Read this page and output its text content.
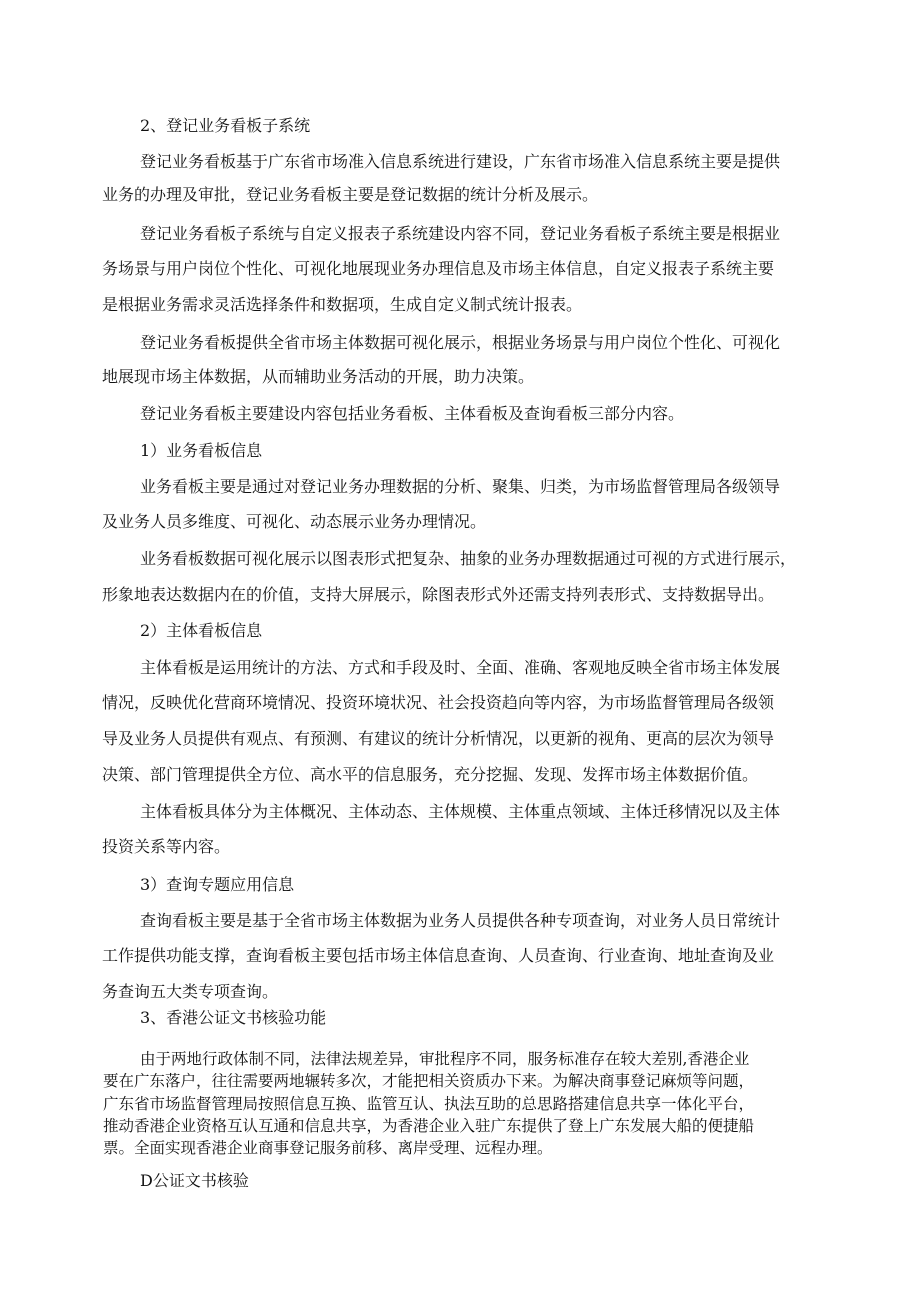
2、登记业务看板子系统
登记业务看板基于广东省市场准入信息系统进行建设，广东省市场准入信息系统主要是提供
业务的办理及审批，登记业务看板主要是登记数据的统计分析及展示。
登记业务看板子系统与自定义报表子系统建设内容不同，登记业务看板子系统主要是根据业
务场景与用户岗位个性化、可视化地展现业务办理信息及市场主体信息，自定义报表子系统主要
是根据业务需求灵活选择条件和数据项，生成自定义制式统计报表。
登记业务看板提供全省市场主体数据可视化展示，根据业务场景与用户岗位个性化、可视化
地展现市场主体数据，从而辅助业务活动的开展，助力决策。
登记业务看板主要建设内容包括业务看板、主体看板及查询看板三部分内容。
1）业务看板信息
业务看板主要是通过对登记业务办理数据的分析、聚集、归类，为市场监督管理局各级领导
及业务人员多维度、可视化、动态展示业务办理情况。
业务看板数据可视化展示以图表形式把复杂、抽象的业务办理数据通过可视的方式进行展示，
形象地表达数据内在的价值，支持大屏展示，除图表形式外还需支持列表形式、支持数据导出。
2）主体看板信息
主体看板是运用统计的方法、方式和手段及时、全面、准确、客观地反映全省市场主体发展
情况，反映优化营商环境情况、投资环境状况、社会投资趋向等内容，为市场监督管理局各级领
导及业务人员提供有观点、有预测、有建议的统计分析情况，以更新的视角、更高的层次为领导
决策、部门管理提供全方位、高水平的信息服务，充分挖掘、发现、发挥市场主体数据价值。
主体看板具体分为主体概况、主体动态、主体规模、主体重点领域、主体迁移情况以及主体
投资关系等内容。
3）查询专题应用信息
查询看板主要是基于全省市场主体数据为业务人员提供各种专项查询，对业务人员日常统计
工作提供功能支撑，查询看板主要包括市场主体信息查询、人员查询、行业查询、地址查询及业
务查询五大类专项查询。
3、香港公证文书核验功能
由于两地行政体制不同，法律法规差异，审批程序不同，服务标准存在较大差别,香港企业
要在广东落户，往往需要两地辗转多次，才能把相关资质办下来。为解决商事登记麻烦等问题，
广东省市场监督管理局按照信息互换、监管互认、执法互助的总思路搭建信息共享一体化平台，
推动香港企业资格互认互通和信息共享，为香港企业入驻广东提供了登上广东发展大船的便捷船
票。全面实现香港企业商事登记服务前移、离岸受理、远程办理。
D公证文书核验
